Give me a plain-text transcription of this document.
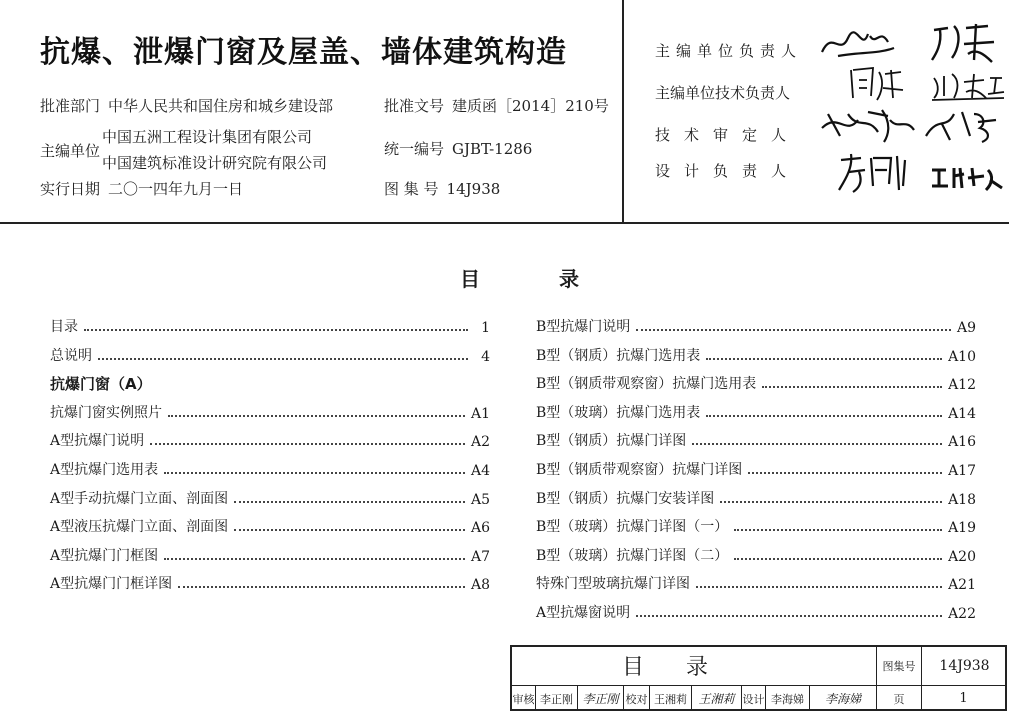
抗爆、泄爆门窗及屋盖、墙体建筑构造
批准部门 中华人民共和国住房和城乡建设部	批准文号 建质函［2014］210号
主编单位
中国五洲工程设计集团有限公司
中国建筑标准设计研究院有限公司
统一编号 GJBT-1286
实行日期 二〇一四年九月一日	图 集 号 14J938
主编单位负责人
主编单位技术负责人
技术审定人
设计负责人
目	录
目录	1
总说明	4
抗爆门窗（A）
抗爆门窗实例照片	A1
A型抗爆门说明	A2
A型抗爆门选用表	A4
A型手动抗爆门立面、剖面图	A5
A型液压抗爆门立面、剖面图	A6
A型抗爆门门框图	A7
A型抗爆门门框详图	A8
B型抗爆门说明	A9
B型（钢质）抗爆门选用表	A10
B型（钢质带观察窗）抗爆门选用表	A12
B型（玻璃）抗爆门选用表	A14
B型（钢质）抗爆门详图	A16
B型（钢质带观察窗）抗爆门详图	A17
B型（钢质）抗爆门安装详图	A18
B型（玻璃）抗爆门详图（一）	A19
B型（玻璃）抗爆门详图（二）	A20
特殊门型玻璃抗爆门详图	A21
A型抗爆窗说明	A22
目录	图集号	14J938
审核 李正刚 李正刚 校对 王湘莉 王湘莉 设计 李海娣	李海娣	页	1
